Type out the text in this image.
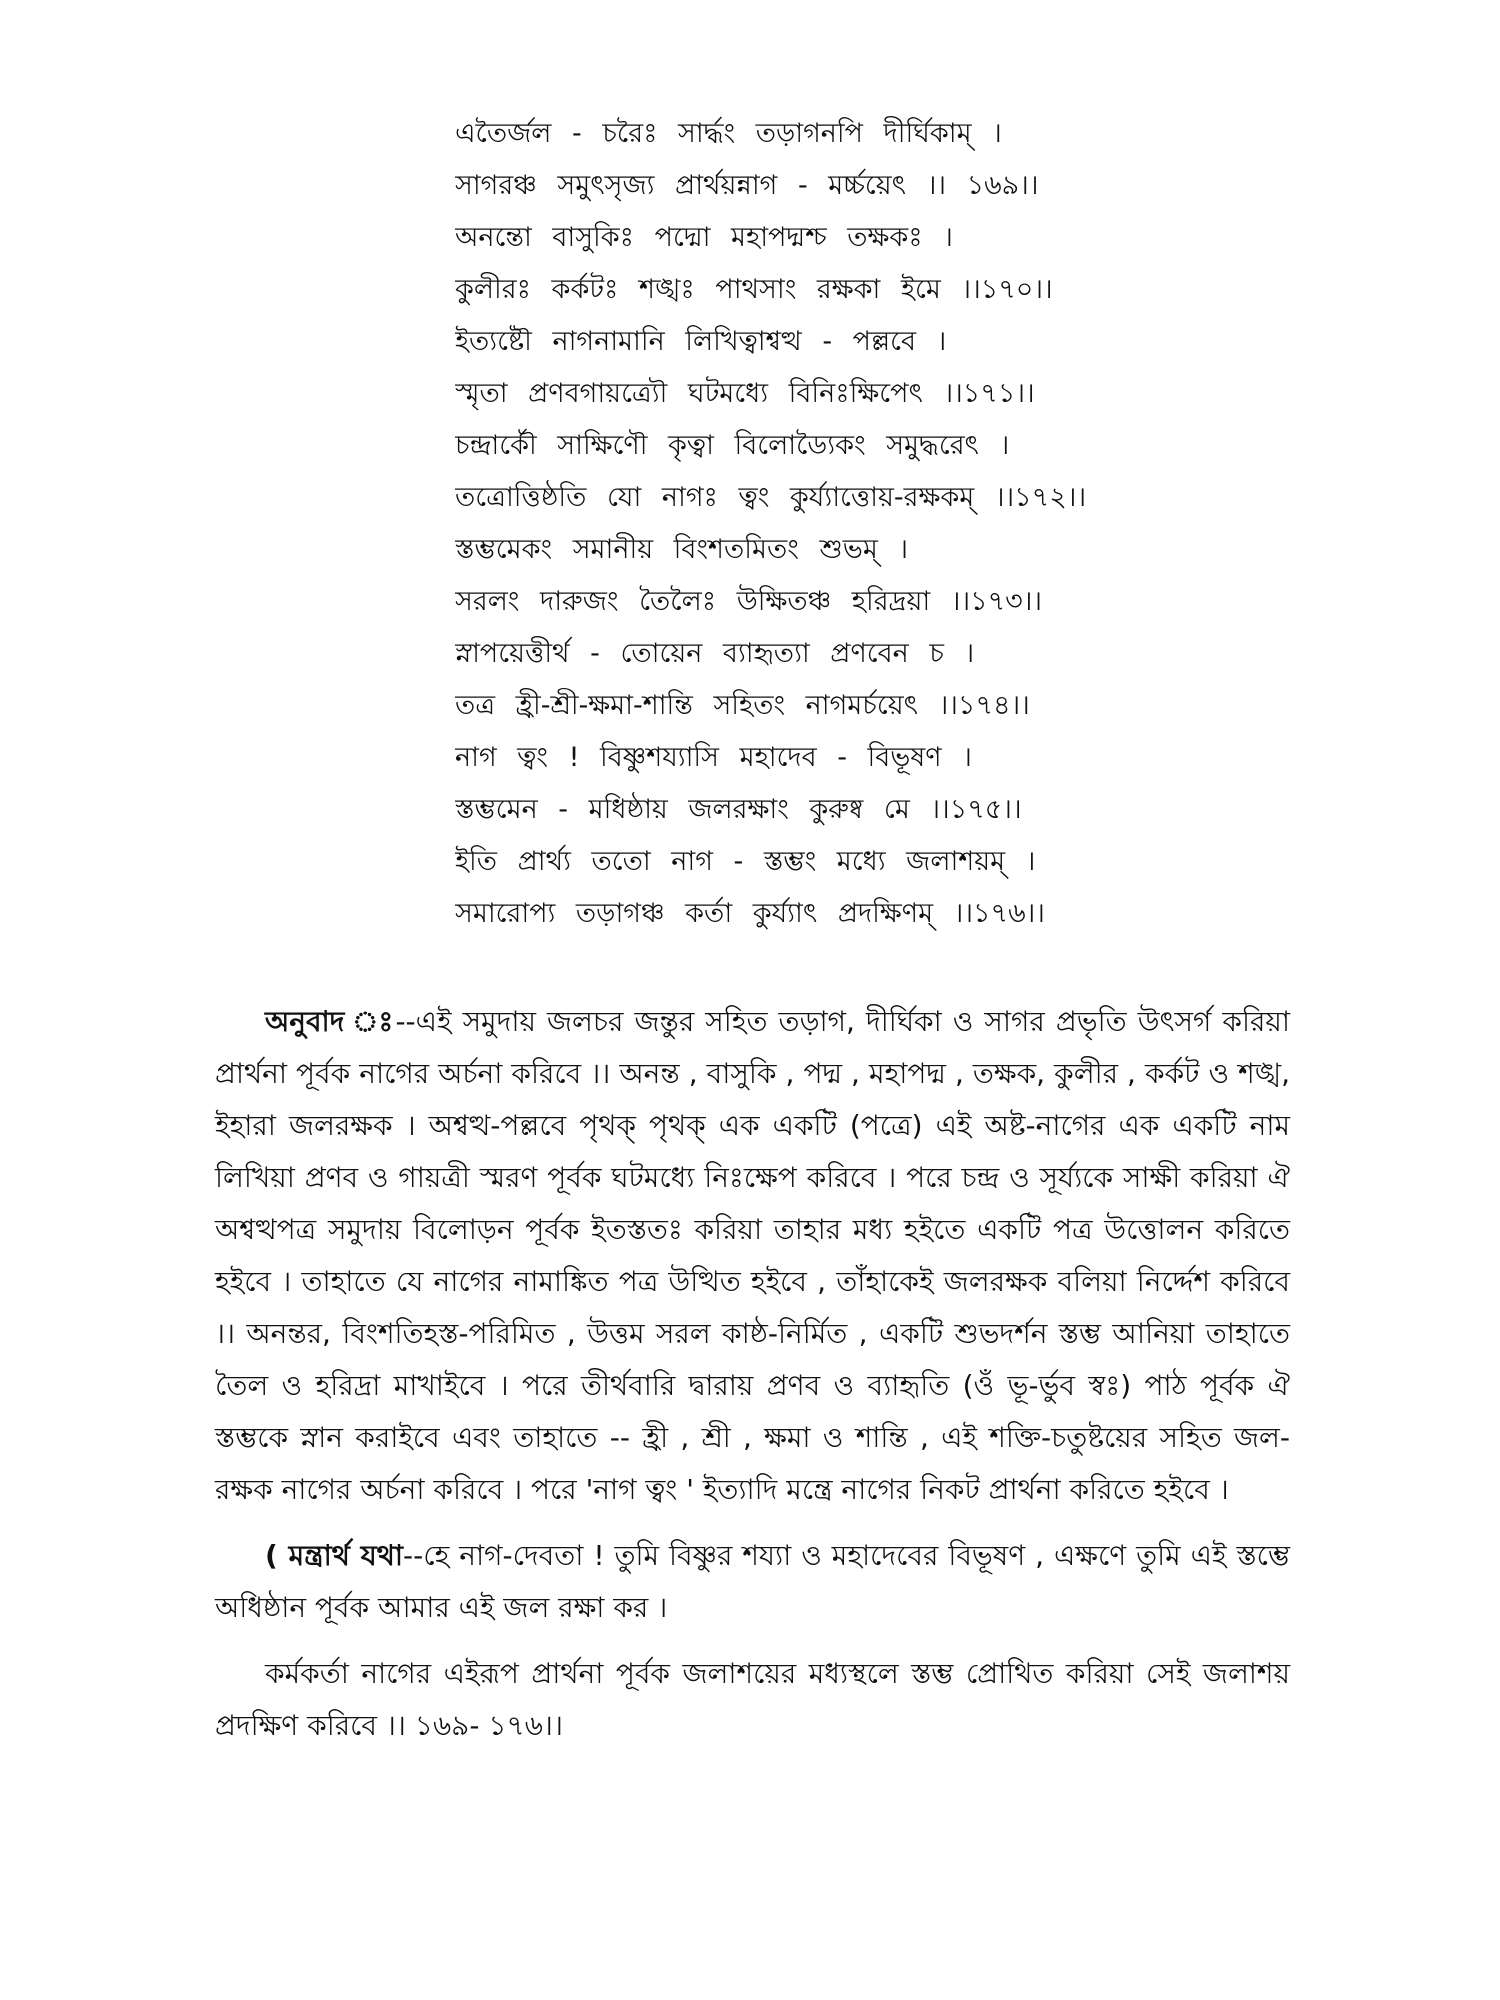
এতৈর্জল - চরৈঃ সার্দ্ধং তড়াগনপি দীর্ঘিকাম্ ।
সাগরঞ্চ সমুৎসৃজ্য প্রার্থয়ন্নাগ - মর্চ্চয়েৎ ।। ১৬৯।।
অনন্তো বাসুকিঃ পদ্মো মহাপদ্মশ্চ তক্ষকঃ ।
কুলীরঃ কর্কটঃ শঙ্খঃ পাথসাং রক্ষকা ইমে ।।১৭০।।
ইত্যষ্টৌ নাগনামানি লিখিত্বাশ্বত্থ - পল্লবে ।
স্মৃতা প্রণবগায়ত্র্যৌ ঘটমধ্যে বিনিঃক্ষিপেৎ ।।১৭১।।
চন্দ্রার্কৌ সাক্ষিণৌ কৃত্বা বিলোড্যৈকং সমুদ্ধরেৎ ।
তত্রোত্তিষ্ঠতি যো নাগঃ ত্বং কুর্য্যাত্তোয়-রক্ষকম্ ।।১৭২।।
স্তম্ভমেকং সমানীয় বিংশতমিতং শুভম্ ।
সরলং দারুজং তৈলৈঃ উক্ষিতঞ্চ হরিদ্রয়া ।।১৭৩।।
স্নাপয়েত্তীর্থ - তোয়েন ব্যাহৃত্যা প্রণবেন চ ।
তত্র হ্রী-শ্রী-ক্ষমা-শান্তি সহিতং নাগমর্চয়েৎ ।।১৭৪।।
নাগ ত্বং ! বিষ্ণুশয্যাসি মহাদেব - বিভূষণ ।
স্তম্ভমেন - মধিষ্ঠায় জলরক্ষাং কুরুষ্ব মে ।।১৭৫।।
ইতি প্রার্থ্য ততো নাগ - স্তম্ভং মধ্যে জলাশয়ম্ ।
সমারোপ্য তড়াগঞ্চ কর্তা কুর্য্যাৎ প্রদক্ষিণম্ ।।১৭৬।।

অনুবাদ ঃ--এই সমুদায় জলচর জন্তুর সহিত তড়াগ, দীর্ঘিকা ও সাগর প্রভৃতি উৎসর্গ করিয়া প্রার্থনা পূর্বক নাগের অর্চনা করিবে ।। অনন্ত , বাসুকি , পদ্ম , মহাপদ্ম , তক্ষক, কুলীর , কর্কট ও শঙ্খ, ইহারা জলরক্ষক । অশ্বত্থ-পল্লবে পৃথক্ পৃথক্ এক একটি (পত্রে) এই অষ্ট-নাগের এক একটি নাম লিখিয়া প্রণব ও গায়ত্রী স্মরণ পূর্বক ঘটমধ্যে নিঃক্ষেপ করিবে । পরে চন্দ্র ও সূর্য্যকে সাক্ষী করিয়া ঐ অশ্বত্থপত্র সমুদায় বিলোড়ন পূর্বক ইতস্ততঃ করিয়া তাহার মধ্য হইতে একটি পত্র উত্তোলন করিতে হইবে । তাহাতে যে নাগের নামাঙ্কিত পত্র উত্থিত হইবে , তাঁহাকেই জলরক্ষক বলিয়া নির্দ্দেশ করিবে ।। অনন্তর, বিংশতিহস্ত-পরিমিত , উত্তম সরল কাষ্ঠ-নির্মিত , একটি শুভদর্শন স্তম্ভ আনিয়া তাহাতে তৈল ও হরিদ্রা মাখাইবে । পরে তীর্থবারি দ্বারায় প্রণব ও ব্যাহৃতি (ওঁ ভূ-র্ভুব স্বঃ) পাঠ পূর্বক ঐ স্তম্ভকে স্নান করাইবে এবং তাহাতে -- হ্রী , শ্রী , ক্ষমা ও শান্তি , এই শক্তি-চতুষ্টয়ের সহিত জল-রক্ষক নাগের অর্চনা করিবে । পরে 'নাগ ত্বং ' ইত্যাদি মন্ত্রে নাগের নিকট প্রার্থনা করিতে হইবে ।

( মন্ত্রার্থ যথা--হে নাগ-দেবতা ! তুমি বিষ্ণুর শয্যা ও মহাদেবের বিভূষণ , এক্ষণে তুমি এই স্তম্ভে অধিষ্ঠান পূর্বক আমার এই জল রক্ষা কর ।

কর্মকর্তা নাগের এইরূপ প্রার্থনা পূর্বক জলাশয়ের মধ্যস্থলে স্তম্ভ প্রোথিত করিয়া সেই জলাশয় প্রদক্ষিণ করিবে ।। ১৬৯- ১৭৬।।
